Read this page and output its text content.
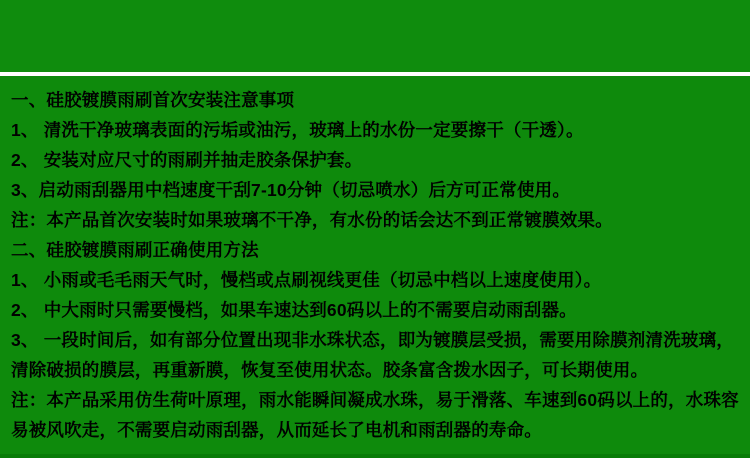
一、硅胶镀膜雨刷首次安装注意事项
1、 清洗干净玻璃表面的污垢或油污，玻璃上的水份一定要擦干（干透）。
2、 安装对应尺寸的雨刷并抽走胶条保护套。
3、启动雨刮器用中档速度干刮7-10分钟（切忌喷水）后方可正常使用。
注：本产品首次安装时如果玻璃不干净，有水份的话会达不到正常镀膜效果。
二、硅胶镀膜雨刷正确使用方法
1、 小雨或毛毛雨天气时，慢档或点刷视线更佳（切忌中档以上速度使用）。
2、 中大雨时只需要慢档，如果车速达到60码以上的不需要启动雨刮器。
3、 一段时间后，如有部分位置出现非水珠状态，即为镀膜层受损，需要用除膜剂清洗玻璃，
清除破损的膜层，再重新膜，恢复至使用状态。胶条富含拨水因子，可长期使用。
注：本产品采用仿生荷叶原理，雨水能瞬间凝成水珠，易于滑落、车速到60码以上的，水珠容
易被风吹走，不需要启动雨刮器，从而延长了电机和雨刮器的寿命。
